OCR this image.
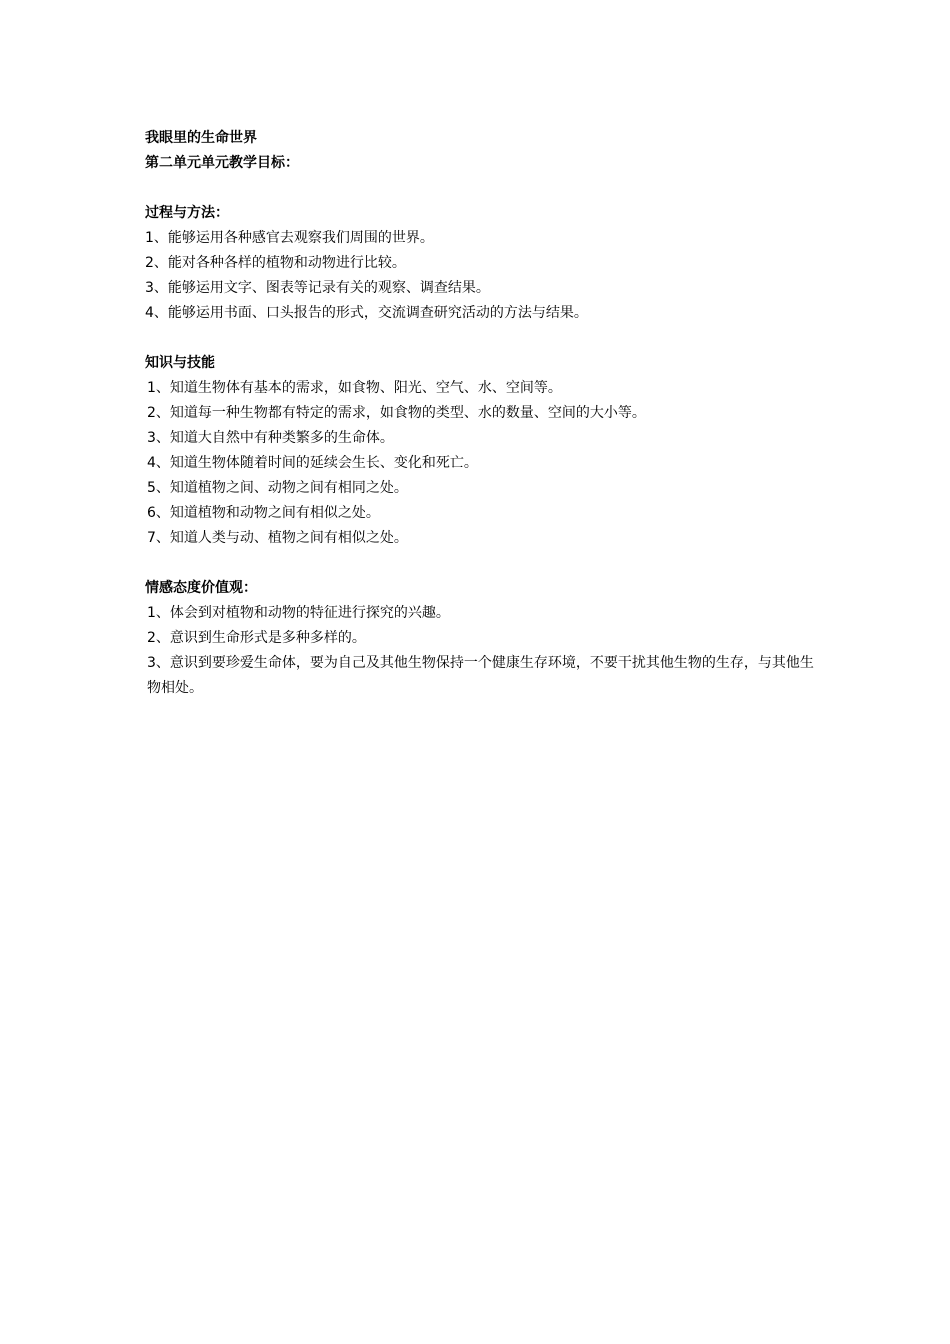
我眼里的生命世界
第二单元单元教学目标：
过程与方法：
1、能够运用各种感官去观察我们周围的世界。
2、能对各种各样的植物和动物进行比较。
3、能够运用文字、图表等记录有关的观察、调查结果。
4、能够运用书面、口头报告的形式，交流调查研究活动的方法与结果。
知识与技能
1、知道生物体有基本的需求，如食物、阳光、空气、水、空间等。
2、知道每一种生物都有特定的需求，如食物的类型、水的数量、空间的大小等。
3、知道大自然中有种类繁多的生命体。
4、知道生物体随着时间的延续会生长、变化和死亡。
5、知道植物之间、动物之间有相同之处。
6、知道植物和动物之间有相似之处。
7、知道人类与动、植物之间有相似之处。
情感态度价值观：
1、体会到对植物和动物的特征进行探究的兴趣。
2、意识到生命形式是多种多样的。
3、意识到要珍爱生命体，要为自己及其他生物保持一个健康生存环境，不要干扰其他生物的生存，与其他生物相处。
